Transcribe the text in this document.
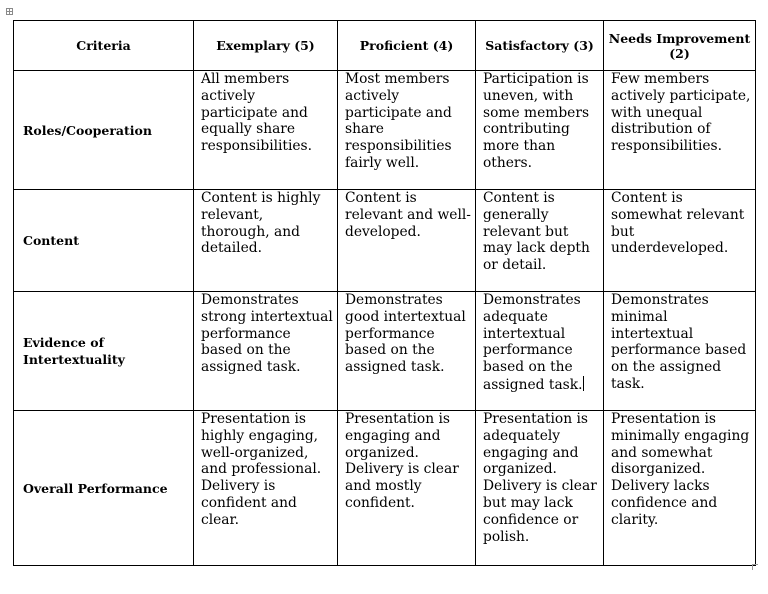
Criteria	Exemplary (5)	Proficient (4)	Satisfactory (3)	Needs Improvement (2)
Roles/Cooperation	All members actively participate and equally share responsibilities.	Most members actively participate and share responsibilities fairly well.	Participation is uneven, with some members contributing more than others.	Few members actively participate, with unequal distribution of responsibilities.
Content	Content is highly relevant, thorough, and detailed.	Content is relevant and well-developed.	Content is generally relevant but may lack depth or detail.	Content is somewhat relevant but underdeveloped.
Evidence of Intertextuality	Demonstrates strong intertextual performance based on the assigned task.	Demonstrates good intertextual performance based on the assigned task.	Demonstrates adequate intertextual performance based on the assigned task.	Demonstrates minimal intertextual performance based on the assigned task.
Overall Performance	Presentation is highly engaging, well-organized, and professional. Delivery is confident and clear.	Presentation is engaging and organized. Delivery is clear and mostly confident.	Presentation is adequately engaging and organized. Delivery is clear but may lack confidence or polish.	Presentation is minimally engaging and somewhat disorganized. Delivery lacks confidence and clarity.
